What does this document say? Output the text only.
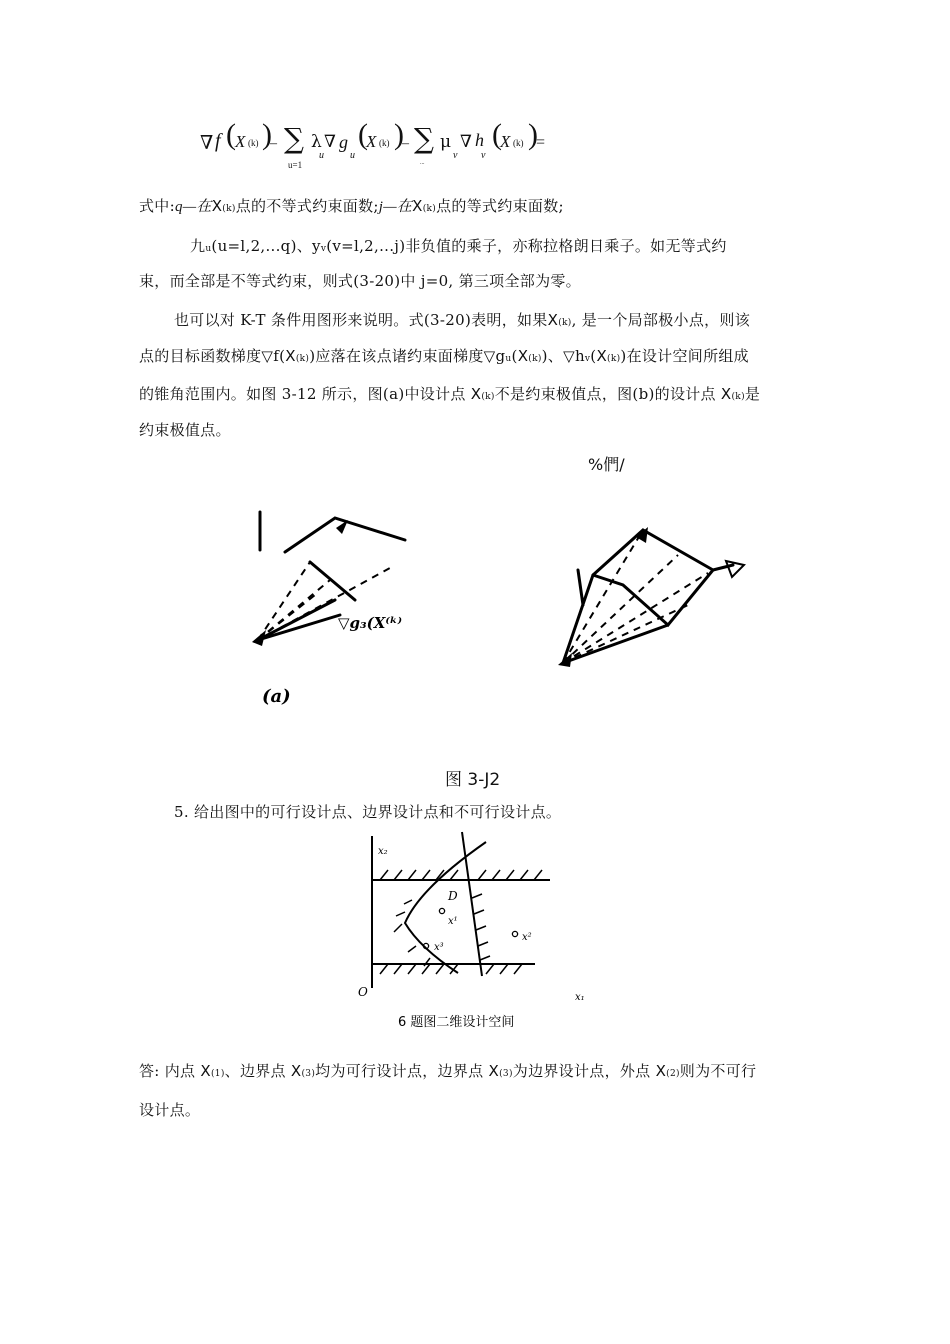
∇ f ( X (k) )
– ∑
u=1
λ
u
∇ g
u
(
X (k) )
– ∑
...
μ
v
∇ h
v
(
X (k) )
=
式中:q—在X(k)点的不等式约束面数;j—在X(k)点的等式约束面数;
九u(u=l,2,...q)、yv(v=l,2,...j)非负值的乘子，亦称拉格朗日乘子。如无等式约
束，而全部是不等式约束，则式(3-20)中 j=0, 第三项全部为零。
也可以对 K-T 条件用图形来说明。式(3-20)表明，如果X(k), 是一个局部极小点，则该
点的目标函数梯度▽f(X(k))应落在该点诸约束面梯度▽gu(X(k))、▽hv(X(k))在设计空间所组成
的锥角范围内。如图 3-12 所示，图(a)中设计点 X(k)不是约束极值点，图(b)的设计点 X(k)是
约束极值点。
%們/
▽g₃(X⁽ᵏ⁾
(a)
图 3-J2
5. 给出图中的可行设计点、边界设计点和不可行设计点。
x₂
x₁
O
D
x¹
x²
x³
6 题图二维设计空间
答: 内点 X(1)、边界点 X(3)均为可行设计点，边界点 X(3)为边界设计点，外点 X(2)则为不可行
设计点。
